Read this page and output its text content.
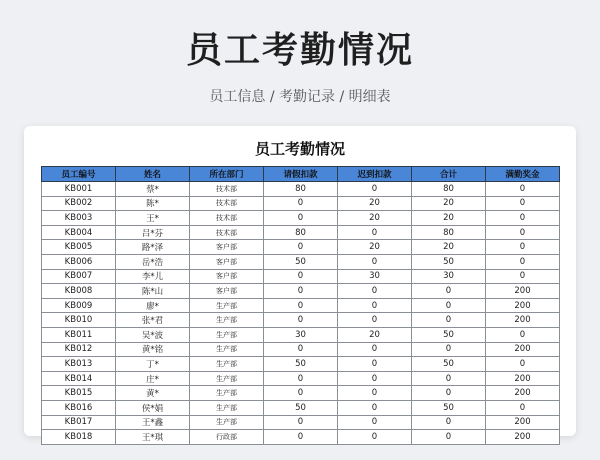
员工考勤情况
员工信息 / 考勤记录 / 明细表
员工考勤情况
员工编号	姓名	所在部门	请假扣款	迟到扣款	合计	满勤奖金
KB001	蔡*	技术部	80	0	80	0
KB002	陈*	技术部	0	20	20	0
KB003	王*	技术部	0	20	20	0
KB004	吕*芬	技术部	80	0	80	0
KB005	路*泽	客户部	0	20	20	0
KB006	岳*浩	客户部	50	0	50	0
KB007	李*儿	客户部	0	30	30	0
KB008	陈*山	客户部	0	0	0	200
KB009	廖*	生产部	0	0	0	200
KB010	张*君	生产部	0	0	0	200
KB011	吴*波	生产部	30	20	50	0
KB012	黄*铭	生产部	0	0	0	200
KB013	丁*	生产部	50	0	50	0
KB014	庄*	生产部	0	0	0	200
KB015	黄*	生产部	0	0	0	200
KB016	侯*娟	生产部	50	0	50	0
KB017	王*鑫	生产部	0	0	0	200
KB018	王*琪	行政部	0	0	0	200
